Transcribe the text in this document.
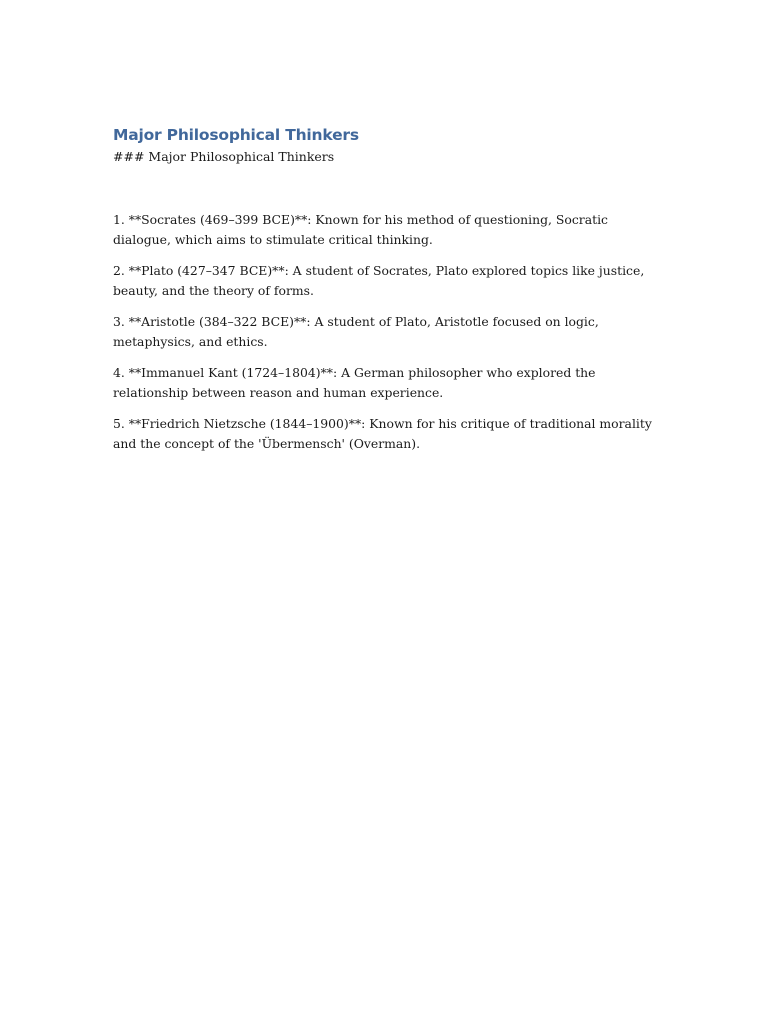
Major Philosophical Thinkers

### Major Philosophical Thinkers

1. **Socrates (469–399 BCE)**: Known for his method of questioning, Socratic dialogue, which aims to stimulate critical thinking.

2. **Plato (427–347 BCE)**: A student of Socrates, Plato explored topics like justice, beauty, and the theory of forms.

3. **Aristotle (384–322 BCE)**: A student of Plato, Aristotle focused on logic, metaphysics, and ethics.

4. **Immanuel Kant (1724–1804)**: A German philosopher who explored the relationship between reason and human experience.

5. **Friedrich Nietzsche (1844–1900)**: Known for his critique of traditional morality and the concept of the 'Übermensch' (Overman).
